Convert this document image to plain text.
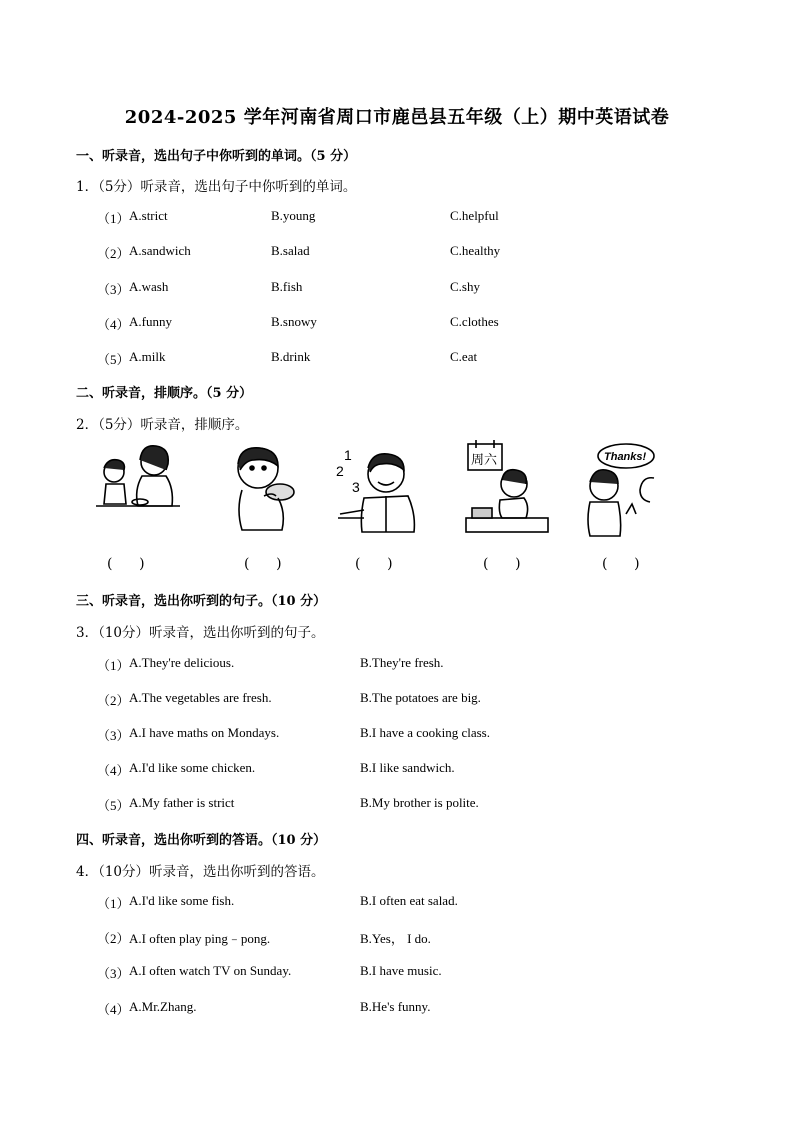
2024-2025 学年河南省周口市鹿邑县五年级（上）期中英语试卷
一、听录音，选出句子中你听到的单词。（5 分）
1．（5分）听录音，选出句子中你听到的单词。
（1） A.strict	B.young	C.helpful
（2） A.sandwich	B.salad	C.healthy
（3） A.wash	B.fish	C.shy
（4） A.funny	B.snowy	C.clothes
（5） A.milk	B.drink	C.eat
二、听录音，排顺序。（5 分）
2．（5分）听录音，排顺序。
1
2
3
周六	Thanks!
(      )	(      )	(      )	(      )	(      )
三、听录音，选出你听到的句子。（10 分）
3．（10分）听录音，选出你听到的句子。
（1） A.They're delicious.	B.They're fresh.
（2） A.The vegetables are fresh.	B.The potatoes are big.
（3） A.I have maths on Mondays.	B.I have a cooking class.
（4） A.I'd like some chicken.	B.I like sandwich.
（5） A.My father is strict	B.My brother is polite.
四、听录音，选出你听到的答语。（10 分）
4．（10分）听录音，选出你听到的答语。
（1） A.I'd like some fish.	B.I often eat salad.
（2） A.I often play ping﹣pong.	B.Yes， I do.
（3） A.I often watch TV on Sunday.	B.I have music.
（4） A.Mr.Zhang.	B.He's funny.
